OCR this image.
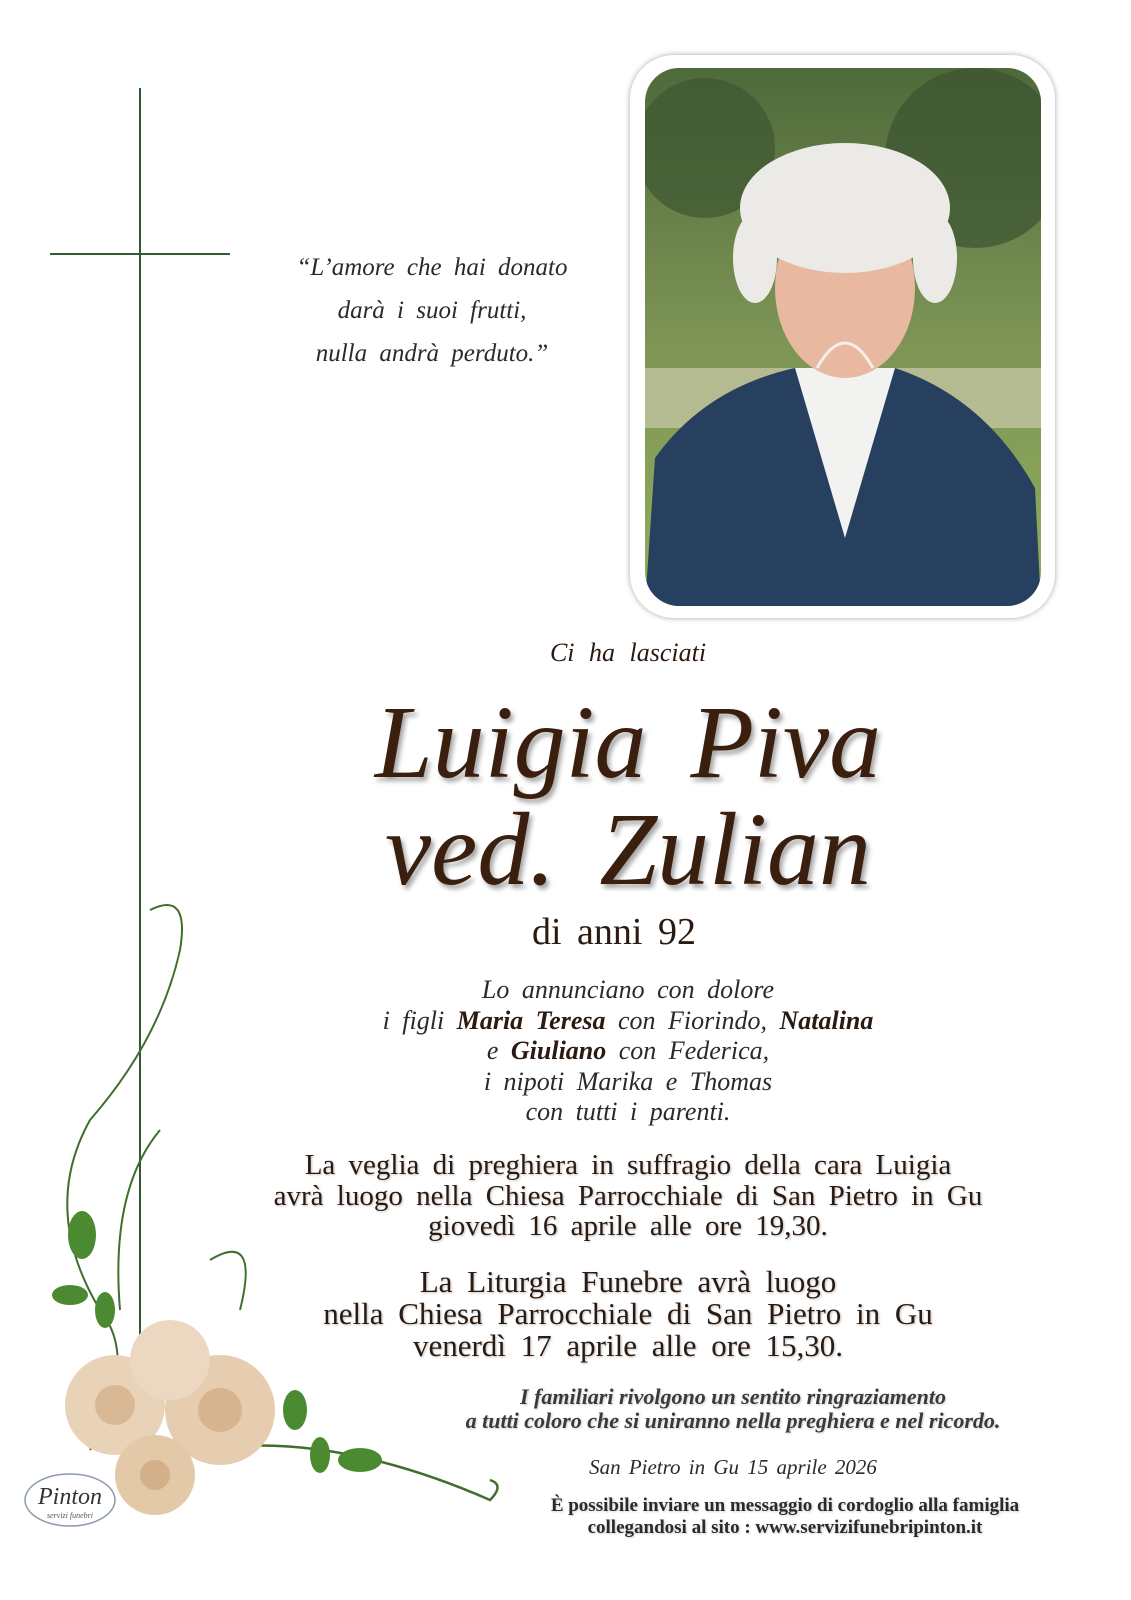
“L’amore che hai donato
darà i suoi frutti,
nulla andrà perduto.”
Ci ha lasciati
Luigia Piva
ved. Zulian
di anni 92
Lo annunciano con dolore
i figli Maria Teresa con Fiorindo, Natalina
e Giuliano con Federica,
i nipoti Marika e Thomas
con tutti i parenti.
La veglia di preghiera in suffragio della cara Luigia
avrà luogo nella Chiesa Parrocchiale di San Pietro in Gu
giovedì 16 aprile alle ore 19,30.
La Liturgia Funebre avrà luogo
nella Chiesa Parrocchiale di San Pietro in Gu
venerdì 17 aprile alle ore 15,30.
I familiari rivolgono un sentito ringraziamento
a tutti coloro che si uniranno nella preghiera e nel ricordo.
San Pietro in Gu 15 aprile 2026
È possibile inviare un messaggio di cordoglio alla famiglia
collegandosi al sito : www.servizifunebripinton.it
Pinton
servizi funebri
